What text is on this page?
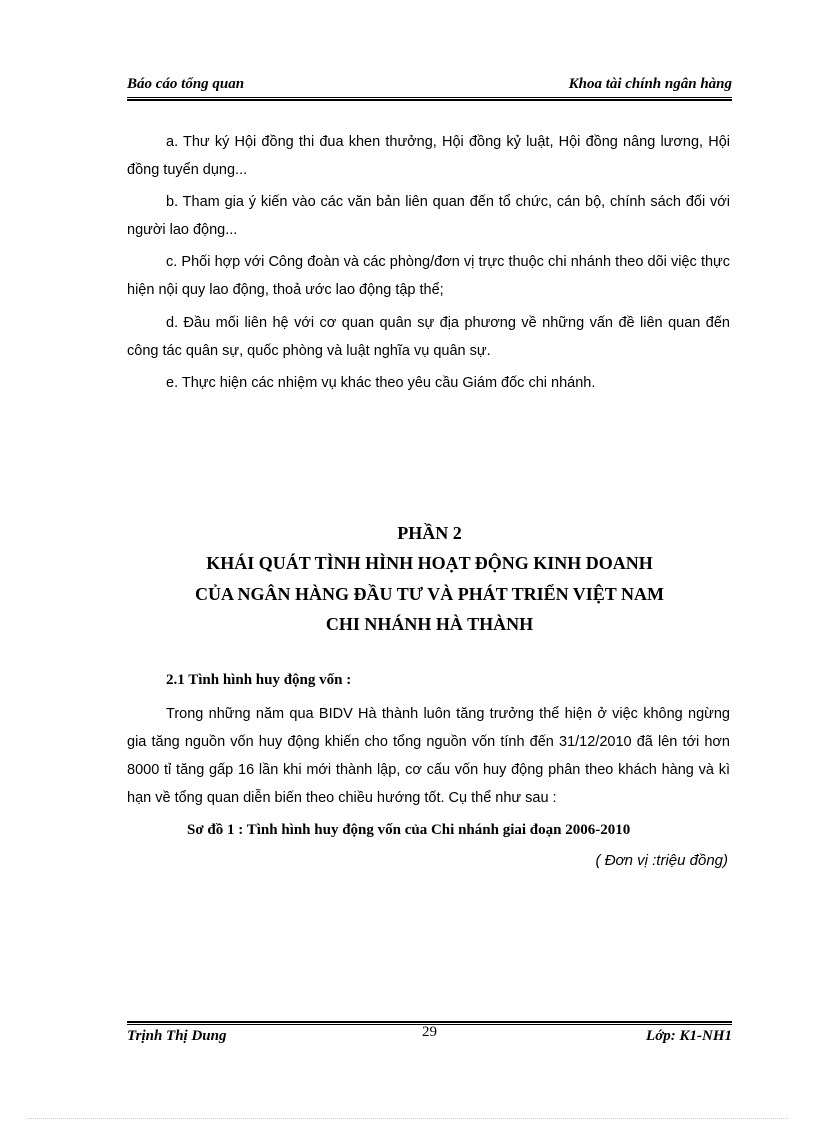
Báo cáo tổng quan	Khoa tài chính ngân hàng

a. Thư ký Hội đồng thi đua khen thưởng, Hội đồng kỷ luật, Hội đồng nâng lương, Hội đồng tuyển dụng...

b. Tham gia ý kiến vào các văn bản liên quan đến tổ chức, cán bộ, chính sách đối với người lao động...

c. Phối hợp với Công đoàn và các phòng/đơn vị trực thuộc chi nhánh theo dõi việc thực hiện nội quy lao động, thoả ước lao động tập thể;

d. Đầu mối liên hệ với cơ quan quân sự địa phương về những vấn đề liên quan đến công tác quân sự, quốc phòng và luật nghĩa vụ quân sự.

e. Thực hiện các nhiệm vụ khác theo yêu cầu Giám đốc chi nhánh.

PHẦN 2
KHÁI QUÁT TÌNH HÌNH HOẠT ĐỘNG KINH DOANH
CỦA NGÂN HÀNG ĐẦU TƯ VÀ PHÁT TRIỂN VIỆT NAM
CHI NHÁNH HÀ THÀNH
2.1 Tình hình huy động vốn :

Trong những năm qua BIDV Hà thành luôn tăng trưởng thể hiện ở việc không ngừng gia tăng nguồn vốn huy động khiến cho tổng nguồn vốn tính đến 31/12/2010 đã lên tới hơn 8000 tỉ tăng gấp 16 lần khi mới thành lập, cơ cấu vốn huy động phân theo khách hàng và kì hạn về tổng quan diễn biến theo chiều hướng tốt. Cụ thể như sau :

Sơ đồ 1 : Tình hình huy động vốn của Chi nhánh giai đoạn 2006-2010
( Đơn vị :triệu đồng)
Trịnh Thị Dung	29	Lớp: K1-NH1
